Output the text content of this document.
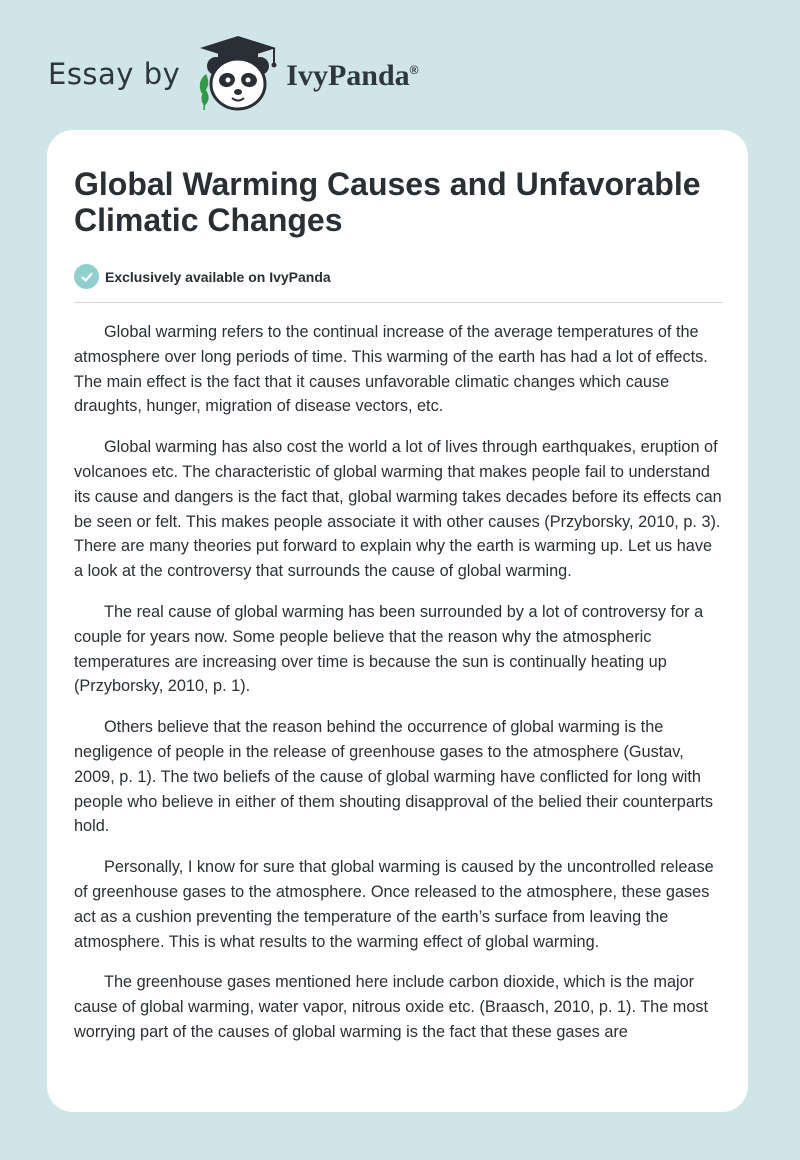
Essay by	IvyPanda®
Global Warming Causes and Unfavorable Climatic Changes
Exclusively available on IvyPanda

Global warming refers to the continual increase of the average temperatures of the atmosphere over long periods of time. This warming of the earth has had a lot of effects. The main effect is the fact that it causes unfavorable climatic changes which cause draughts, hunger, migration of disease vectors, etc.

Global warming has also cost the world a lot of lives through earthquakes, eruption of volcanoes etc. The characteristic of global warming that makes people fail to understand its cause and dangers is the fact that, global warming takes decades before its effects can be seen or felt. This makes people associate it with other causes (Przyborsky, 2010, p. 3). There are many theories put forward to explain why the earth is warming up. Let us have a look at the controversy that surrounds the cause of global warming.

The real cause of global warming has been surrounded by a lot of controversy for a couple for years now. Some people believe that the reason why the atmospheric temperatures are increasing over time is because the sun is continually heating up (Przyborsky, 2010, p. 1).

Others believe that the reason behind the occurrence of global warming is the negligence of people in the release of greenhouse gases to the atmosphere (Gustav, 2009, p. 1). The two beliefs of the cause of global warming have conflicted for long with people who believe in either of them shouting disapproval of the belied their counterparts hold.

Personally, I know for sure that global warming is caused by the uncontrolled release of greenhouse gases to the atmosphere. Once released to the atmosphere, these gases act as a cushion preventing the temperature of the earth’s surface from leaving the atmosphere. This is what results to the warming effect of global warming.

The greenhouse gases mentioned here include carbon dioxide, which is the major cause of global warming, water vapor, nitrous oxide etc. (Braasch, 2010, p. 1). The most worrying part of the causes of global warming is the fact that these gases are
